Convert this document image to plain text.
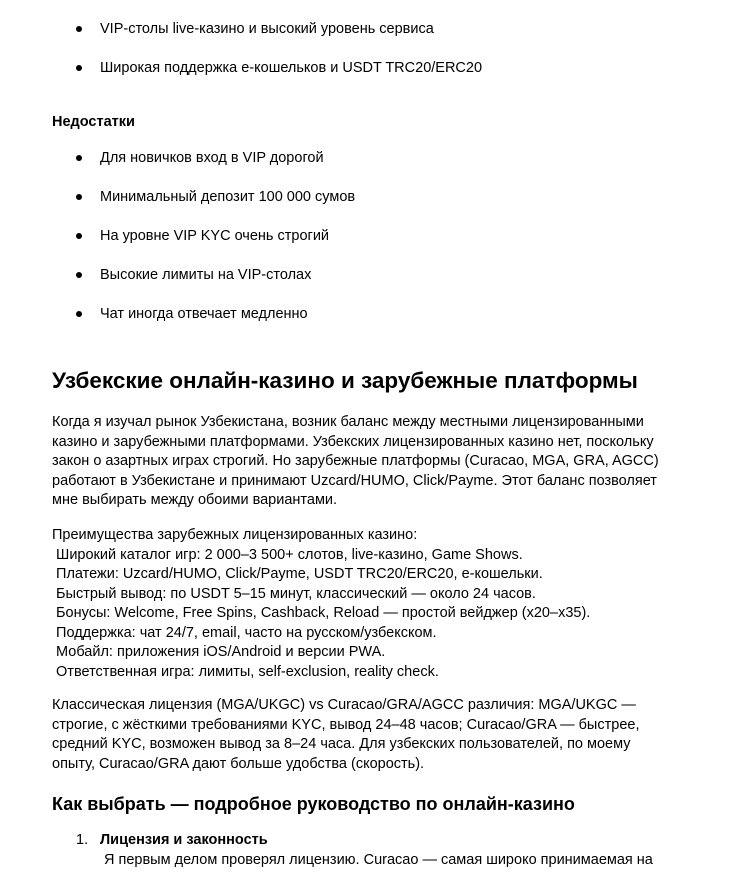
VIP-столы live-казино и высокий уровень сервиса
Широкая поддержка e-кошельков и USDT TRC20/ERC20
Недостатки
Для новичков вход в VIP дорогой
Минимальный депозит 100 000 сумов
На уровне VIP KYC очень строгий
Высокие лимиты на VIP-столах
Чат иногда отвечает медленно
Узбекские онлайн-казино и зарубежные платформы
Когда я изучал рынок Узбекистана, возник баланс между местными лицензированными
казино и зарубежными платформами. Узбекских лицензированных казино нет, поскольку
закон о азартных играх строгий. Но зарубежные платформы (Curacao, MGA, GRA, AGCC)
работают в Узбекистане и принимают Uzcard/HUMO, Click/Payme. Этот баланс позволяет
мне выбирать между обоими вариантами.
Преимущества зарубежных лицензированных казино:
Широкий каталог игр: 2 000–3 500+ слотов, live-казино, Game Shows.
Платежи: Uzcard/HUMO, Click/Payme, USDT TRC20/ERC20, e-кошельки.
Быстрый вывод: по USDT 5–15 минут, классический — около 24 часов.
Бонусы: Welcome, Free Spins, Cashback, Reload — простой вейджер (x20–x35).
Поддержка: чат 24/7, email, часто на русском/узбекском.
Мобайл: приложения iOS/Android и версии PWA.
Ответственная игра: лимиты, self-exclusion, reality check.
Классическая лицензия (MGA/UKGC) vs Curacao/GRA/AGCC различия: MGA/UKGC —
строгие, с жёсткими требованиями KYC, вывод 24–48 часов; Curacao/GRA — быстрее,
средний KYC, возможен вывод за 8–24 часа. Для узбекских пользователей, по моему
опыту, Curacao/GRA дают больше удобства (скорость).
Как выбрать — подробное руководство по онлайн-казино
1. Лицензия и законность
Я первым делом проверял лицензию. Curacao — самая широко принимаемая на
